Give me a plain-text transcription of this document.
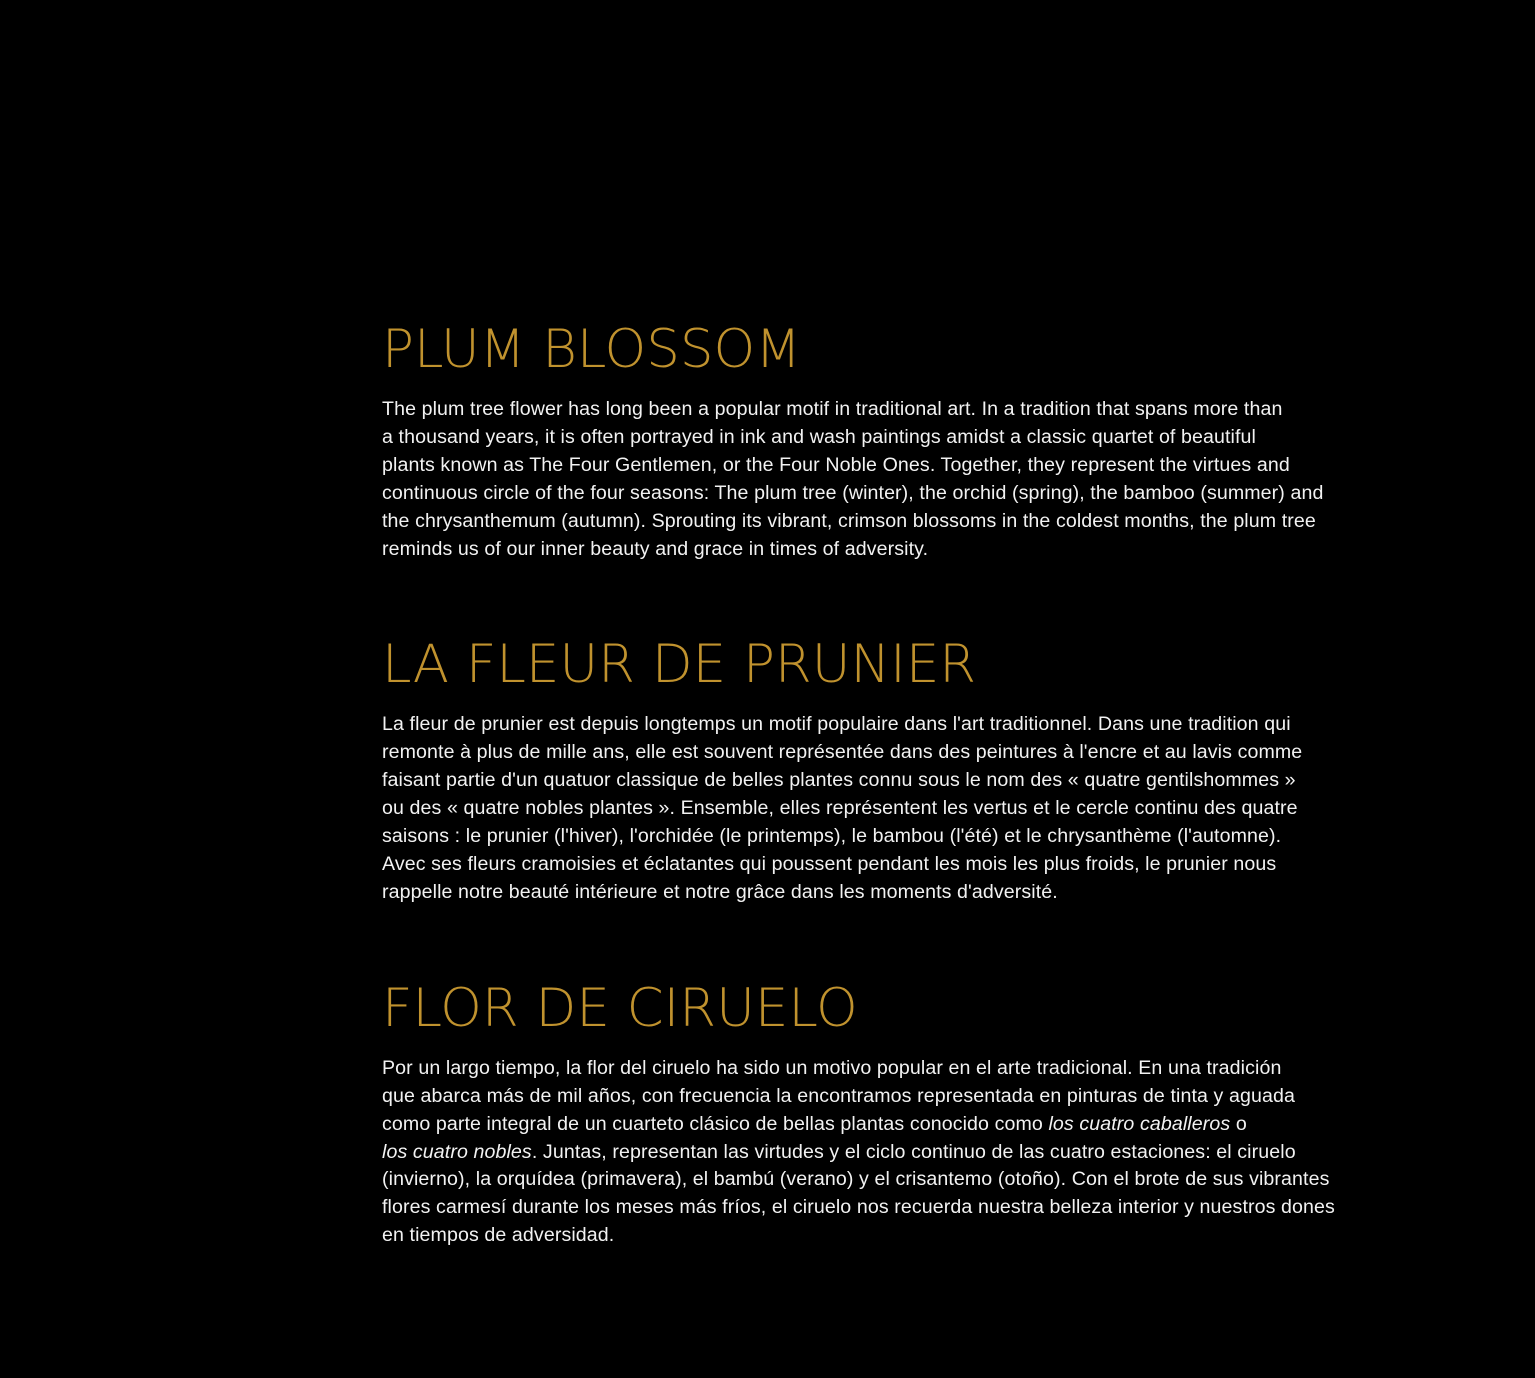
PLUM BLOSSOM

The plum tree flower has long been a popular motif in traditional art. In a tradition that spans more than
a thousand years, it is often portrayed in ink and wash paintings amidst a classic quartet of beautiful
plants known as The Four Gentlemen, or the Four Noble Ones. Together, they represent the virtues and
continuous circle of the four seasons: The plum tree (winter), the orchid (spring), the bamboo (summer) and
the chrysanthemum (autumn). Sprouting its vibrant, crimson blossoms in the coldest months, the plum tree
reminds us of our inner beauty and grace in times of adversity.

LA FLEUR DE PRUNIER

La fleur de prunier est depuis longtemps un motif populaire dans l'art traditionnel. Dans une tradition qui
remonte à plus de mille ans, elle est souvent représentée dans des peintures à l'encre et au lavis comme
faisant partie d'un quatuor classique de belles plantes connu sous le nom des « quatre gentilshommes »
ou des « quatre nobles plantes ». Ensemble, elles représentent les vertus et le cercle continu des quatre
saisons : le prunier (l'hiver), l'orchidée (le printemps), le bambou (l'été) et le chrysanthème (l'automne).
Avec ses fleurs cramoisies et éclatantes qui poussent pendant les mois les plus froids, le prunier nous
rappelle notre beauté intérieure et notre grâce dans les moments d'adversité.

FLOR DE CIRUELO

Por un largo tiempo, la flor del ciruelo ha sido un motivo popular en el arte tradicional. En una tradición
que abarca más de mil años, con frecuencia la encontramos representada en pinturas de tinta y aguada
como parte integral de un cuarteto clásico de bellas plantas conocido como los cuatro caballeros o
los cuatro nobles. Juntas, representan las virtudes y el ciclo continuo de las cuatro estaciones: el ciruelo
(invierno), la orquídea (primavera), el bambú (verano) y el crisantemo (otoño). Con el brote de sus vibrantes
flores carmesí durante los meses más fríos, el ciruelo nos recuerda nuestra belleza interior y nuestros dones
en tiempos de adversidad.
